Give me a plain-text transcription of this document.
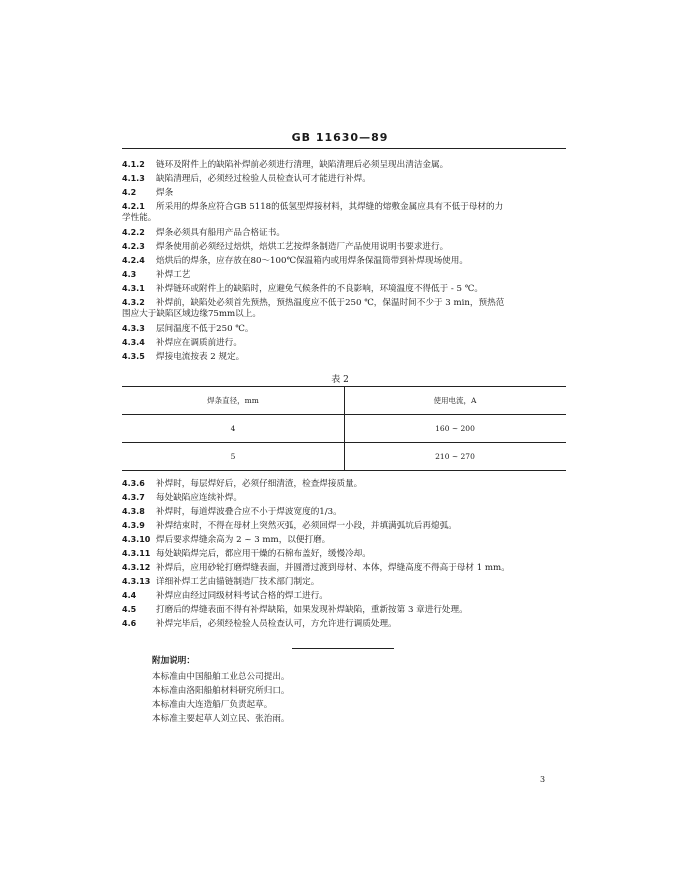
GB 11630—89
4.1.2 链环及附件上的缺陷补焊前必须进行清理，缺陷清理后必须呈现出清洁金属。
4.1.3 缺陷清理后，必须经过检验人员检查认可才能进行补焊。
4.2 焊条
4.2.1 所采用的焊条应符合GB 5118的低氢型焊接材料，其焊缝的熔敷金属应具有不低于母材的力
学性能。
4.2.2 焊条必须具有船用产品合格证书。
4.2.3 焊条使用前必须经过焙烘，焙烘工艺按焊条制造厂产品使用说明书要求进行。
4.2.4 焙烘后的焊条，应存放在80～100℃保温箱内或用焊条保温筒带到补焊现场使用。
4.3 补焊工艺
4.3.1 补焊链环或附件上的缺陷时，应避免气候条件的不良影响，环境温度不得低于 - 5 ℃。
4.3.2 补焊前，缺陷处必须首先预热，预热温度应不低于250 ℃，保温时间不少于 3 min，预热范
围应大于缺陷区域边缘75mm以上。
4.3.3 层间温度不低于250 ℃。
4.3.4 补焊应在调质前进行。
4.3.5 焊接电流按表 2 规定。
表 2
焊条直径，mm	使用电流，A
4	160 ~ 200
5	210 ~ 270
4.3.6 补焊时，每层焊好后，必须仔细清渣，检查焊接质量。
4.3.7 每处缺陷应连续补焊。
4.3.8 补焊时，每道焊波叠合应不小于焊波宽度的1/3。
4.3.9 补焊结束时，不得在母材上突然灭弧，必须回焊一小段，并填满弧坑后再熄弧。
4.3.10 焊后要求焊缝余高为 2 ~ 3 mm，以便打磨。
4.3.11 每处缺陷焊完后，都应用干燥的石棉布盖好，缓慢冷却。
4.3.12 补焊后，应用砂轮打磨焊缝表面，并圆滑过渡到母材、本体，焊缝高度不得高于母材 1 mm。
4.3.13 详细补焊工艺由锚链制造厂技术部门制定。
4.4 补焊应由经过同级材料考试合格的焊工进行。
4.5 打磨后的焊缝表面不得有补焊缺陷，如果发现补焊缺陷，重新按第 3 章进行处理。
4.6 补焊完毕后，必须经检验人员检查认可，方允许进行调质处理。
附加说明：
本标准由中国船舶工业总公司提出。
本标准由洛阳船舶材料研究所归口。
本标准由大连造船厂负责起草。
本标准主要起草人刘立民、张治雨。
3
